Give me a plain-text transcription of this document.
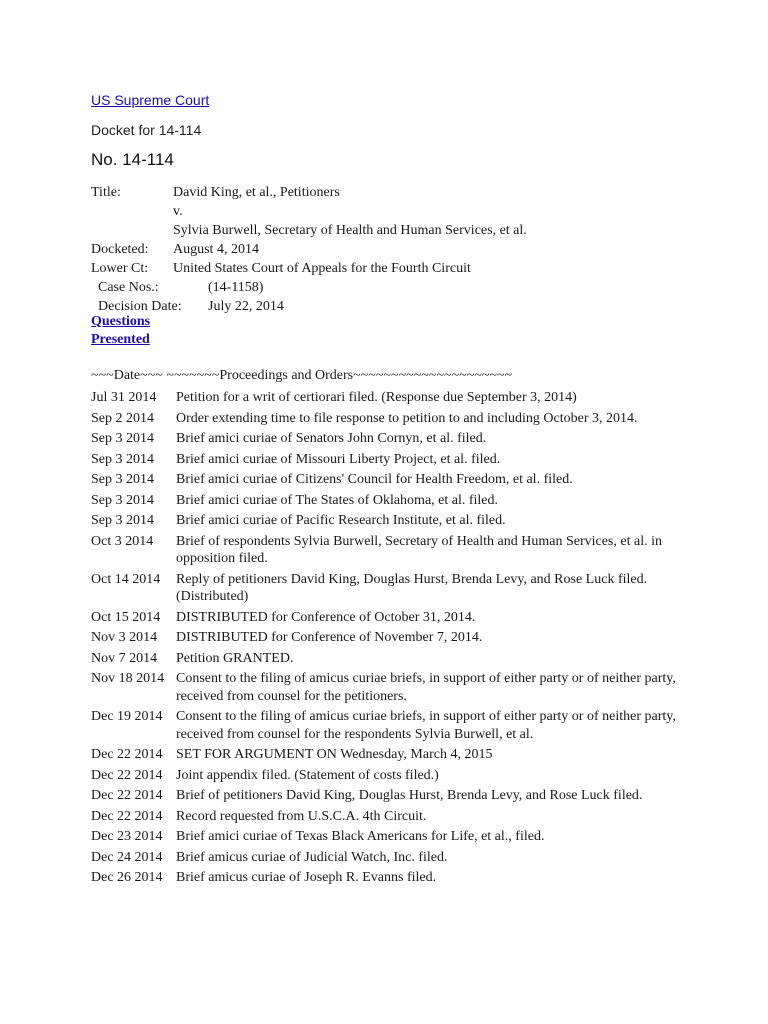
US Supreme Court
Docket for 14-114
No. 14-114
Title:	David King, et al., Petitioners
v.
Sylvia Burwell, Secretary of Health and Human Services, et al.
Docketed: August 4, 2014
Lower Ct: United States Court of Appeals for the Fourth Circuit
Case Nos.:	(14-1158)
Decision Date: July 22, 2014
Questions Presented
~~~Date~~~ ~~~~~~~Proceedings and Orders~~~~~~~~~~~~~~~~~~~~~
Jul 31 2014 Petition for a writ of certiorari filed. (Response due September 3, 2014)
Sep 2 2014 Order extending time to file response to petition to and including October 3, 2014.
Sep 3 2014 Brief amici curiae of Senators John Cornyn, et al. filed.
Sep 3 2014 Brief amici curiae of Missouri Liberty Project, et al. filed.
Sep 3 2014 Brief amici curiae of Citizens' Council for Health Freedom, et al. filed.
Sep 3 2014 Brief amici curiae of The States of Oklahoma, et al. filed.
Sep 3 2014 Brief amici curiae of Pacific Research Institute, et al. filed.
Oct 3 2014 Brief of respondents Sylvia Burwell, Secretary of Health and Human Services, et al. in opposition filed.
Oct 14 2014 Reply of petitioners David King, Douglas Hurst, Brenda Levy, and Rose Luck filed. (Distributed)
Oct 15 2014 DISTRIBUTED for Conference of October 31, 2014.
Nov 3 2014 DISTRIBUTED for Conference of November 7, 2014.
Nov 7 2014 Petition GRANTED.
Nov 18 2014 Consent to the filing of amicus curiae briefs, in support of either party or of neither party, received from counsel for the petitioners.
Dec 19 2014 Consent to the filing of amicus curiae briefs, in support of either party or of neither party, received from counsel for the respondents Sylvia Burwell, et al.
Dec 22 2014 SET FOR ARGUMENT ON Wednesday, March 4, 2015
Dec 22 2014 Joint appendix filed. (Statement of costs filed.)
Dec 22 2014 Brief of petitioners David King, Douglas Hurst, Brenda Levy, and Rose Luck filed.
Dec 22 2014 Record requested from U.S.C.A. 4th Circuit.
Dec 23 2014 Brief amici curiae of Texas Black Americans for Life, et al., filed.
Dec 24 2014 Brief amicus curiae of Judicial Watch, Inc. filed.
Dec 26 2014 Brief amicus curiae of Joseph R. Evanns filed.
